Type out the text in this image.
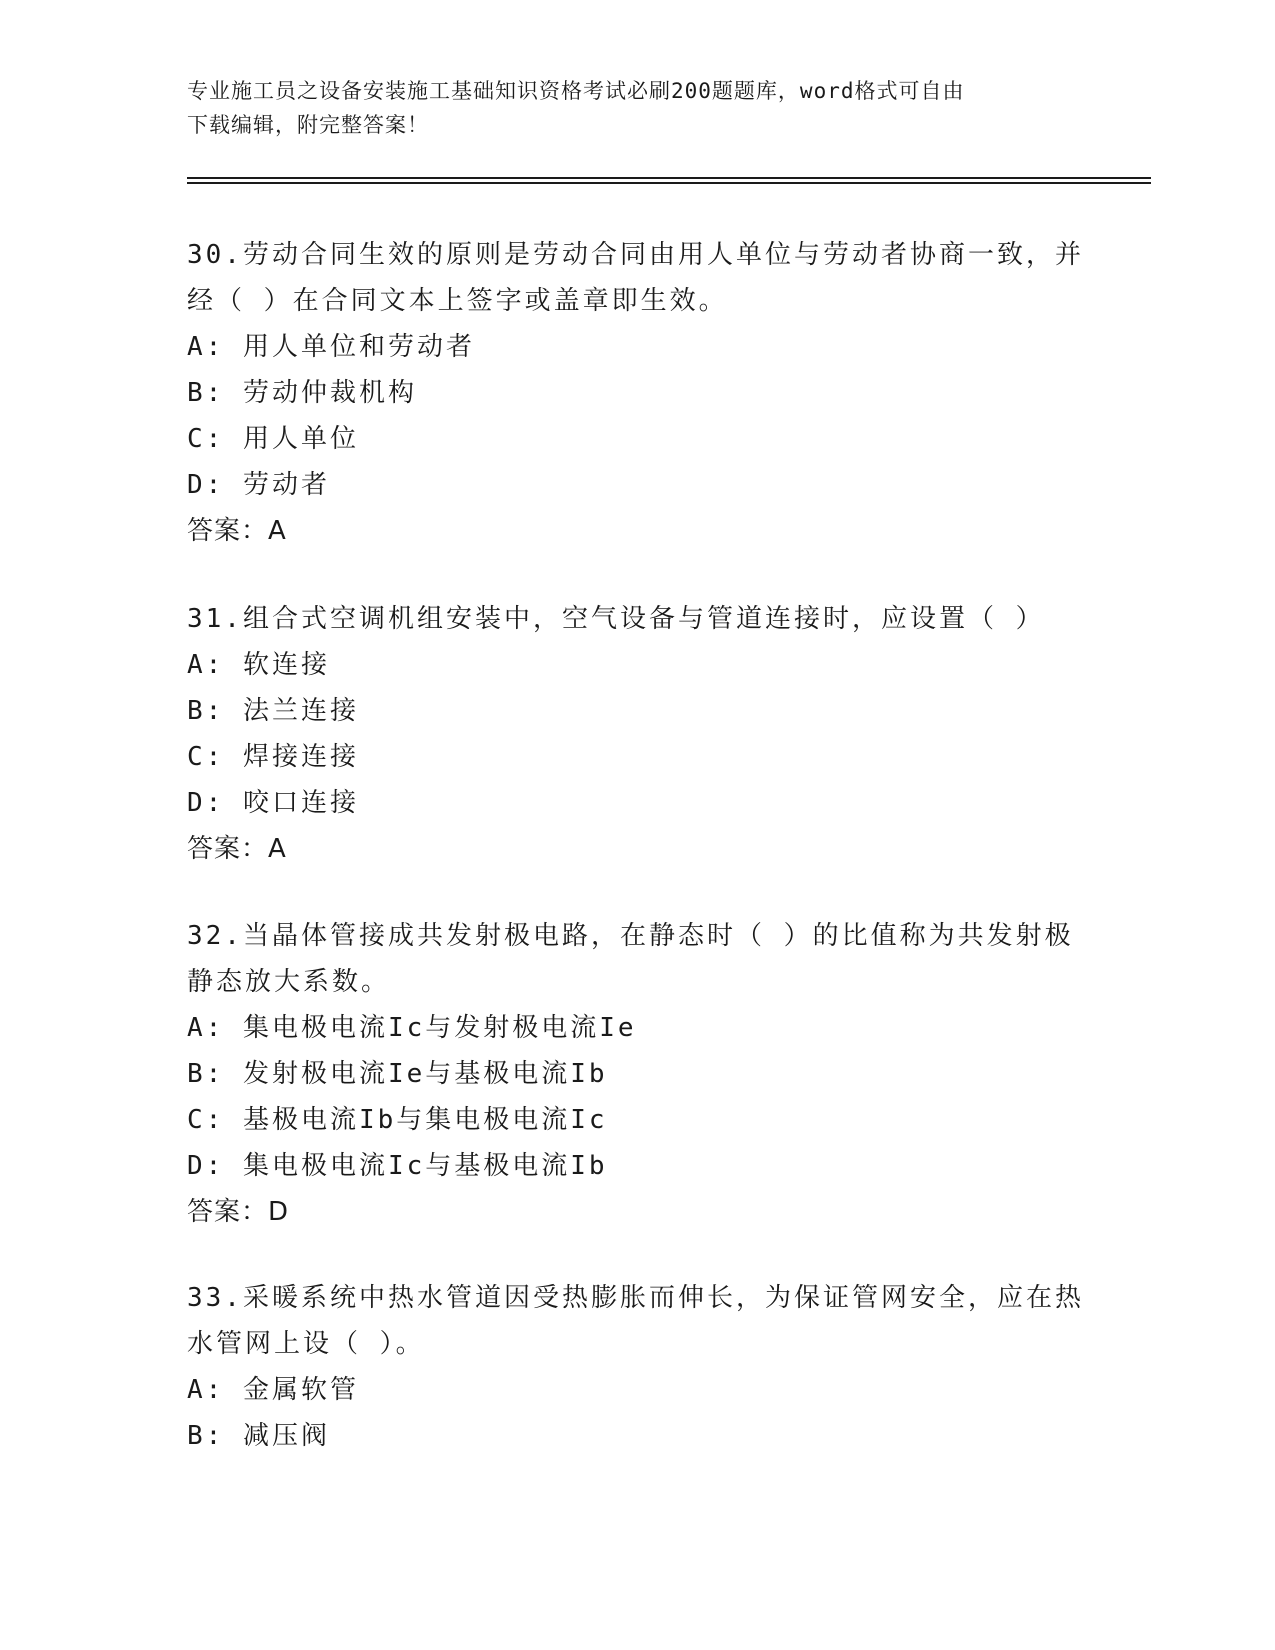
专业施工员之设备安装施工基础知识资格考试必刷200题题库，word格式可自由
下载编辑，附完整答案！

30.劳动合同生效的原则是劳动合同由用人单位与劳动者协商一致，并

经（ ）在合同文本上签字或盖章即生效。

A: 用人单位和劳动者

B: 劳动仲裁机构

C: 用人单位

D: 劳动者

答案：A

31.组合式空调机组安装中，空气设备与管道连接时，应设置（ ）

A: 软连接

B: 法兰连接

C: 焊接连接

D: 咬口连接

答案：A

32.当晶体管接成共发射极电路，在静态时（ ）的比值称为共发射极

静态放大系数。

A: 集电极电流Ic与发射极电流Ie

B: 发射极电流Ie与基极电流Ib

C: 基极电流Ib与集电极电流Ic

D: 集电极电流Ic与基极电流Ib

答案：D

33.采暖系统中热水管道因受热膨胀而伸长，为保证管网安全，应在热

水管网上设（ ）。

A: 金属软管

B: 减压阀
